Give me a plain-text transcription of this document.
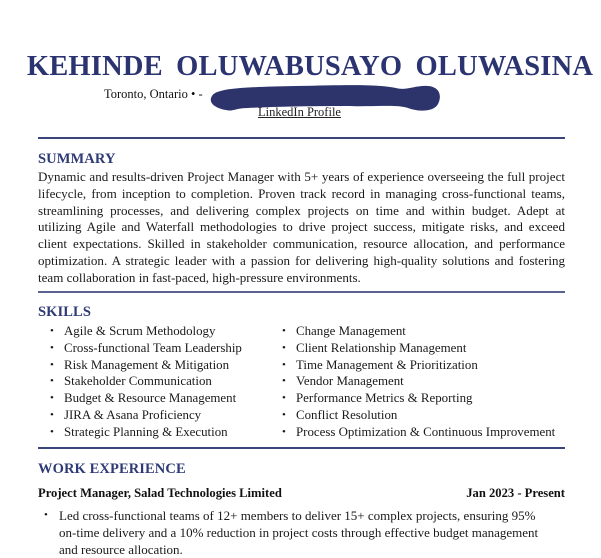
KEHINDE OLUWABUSAYO OLUWASINA
Toronto, Ontario • -
LinkedIn Profile
SUMMARY
Dynamic and results-driven Project Manager with 5+ years of experience overseeing the full project lifecycle, from inception to completion. Proven track record in managing cross-functional teams, streamlining processes, and delivering complex projects on time and within budget. Adept at utilizing Agile and Waterfall methodologies to drive project success, mitigate risks, and exceed client expectations. Skilled in stakeholder communication, resource allocation, and performance optimization. A strategic leader with a passion for delivering high-quality solutions and fostering team collaboration in fast-paced, high-pressure environments.
SKILLS
• Agile & Scrum Methodology
• Cross-functional Team Leadership
• Risk Management & Mitigation
• Stakeholder Communication
• Budget & Resource Management
• JIRA & Asana Proficiency
• Strategic Planning & Execution
• Change Management
• Client Relationship Management
• Time Management & Prioritization
• Vendor Management
• Performance Metrics & Reporting
• Conflict Resolution
• Process Optimization & Continuous Improvement
WORK EXPERIENCE
Project Manager, Salad Technologies Limited	Jan 2023 - Present
• Led cross-functional teams of 12+ members to deliver 15+ complex projects, ensuring 95% on-time delivery and a 10% reduction in project costs through effective budget management and resource allocation.
